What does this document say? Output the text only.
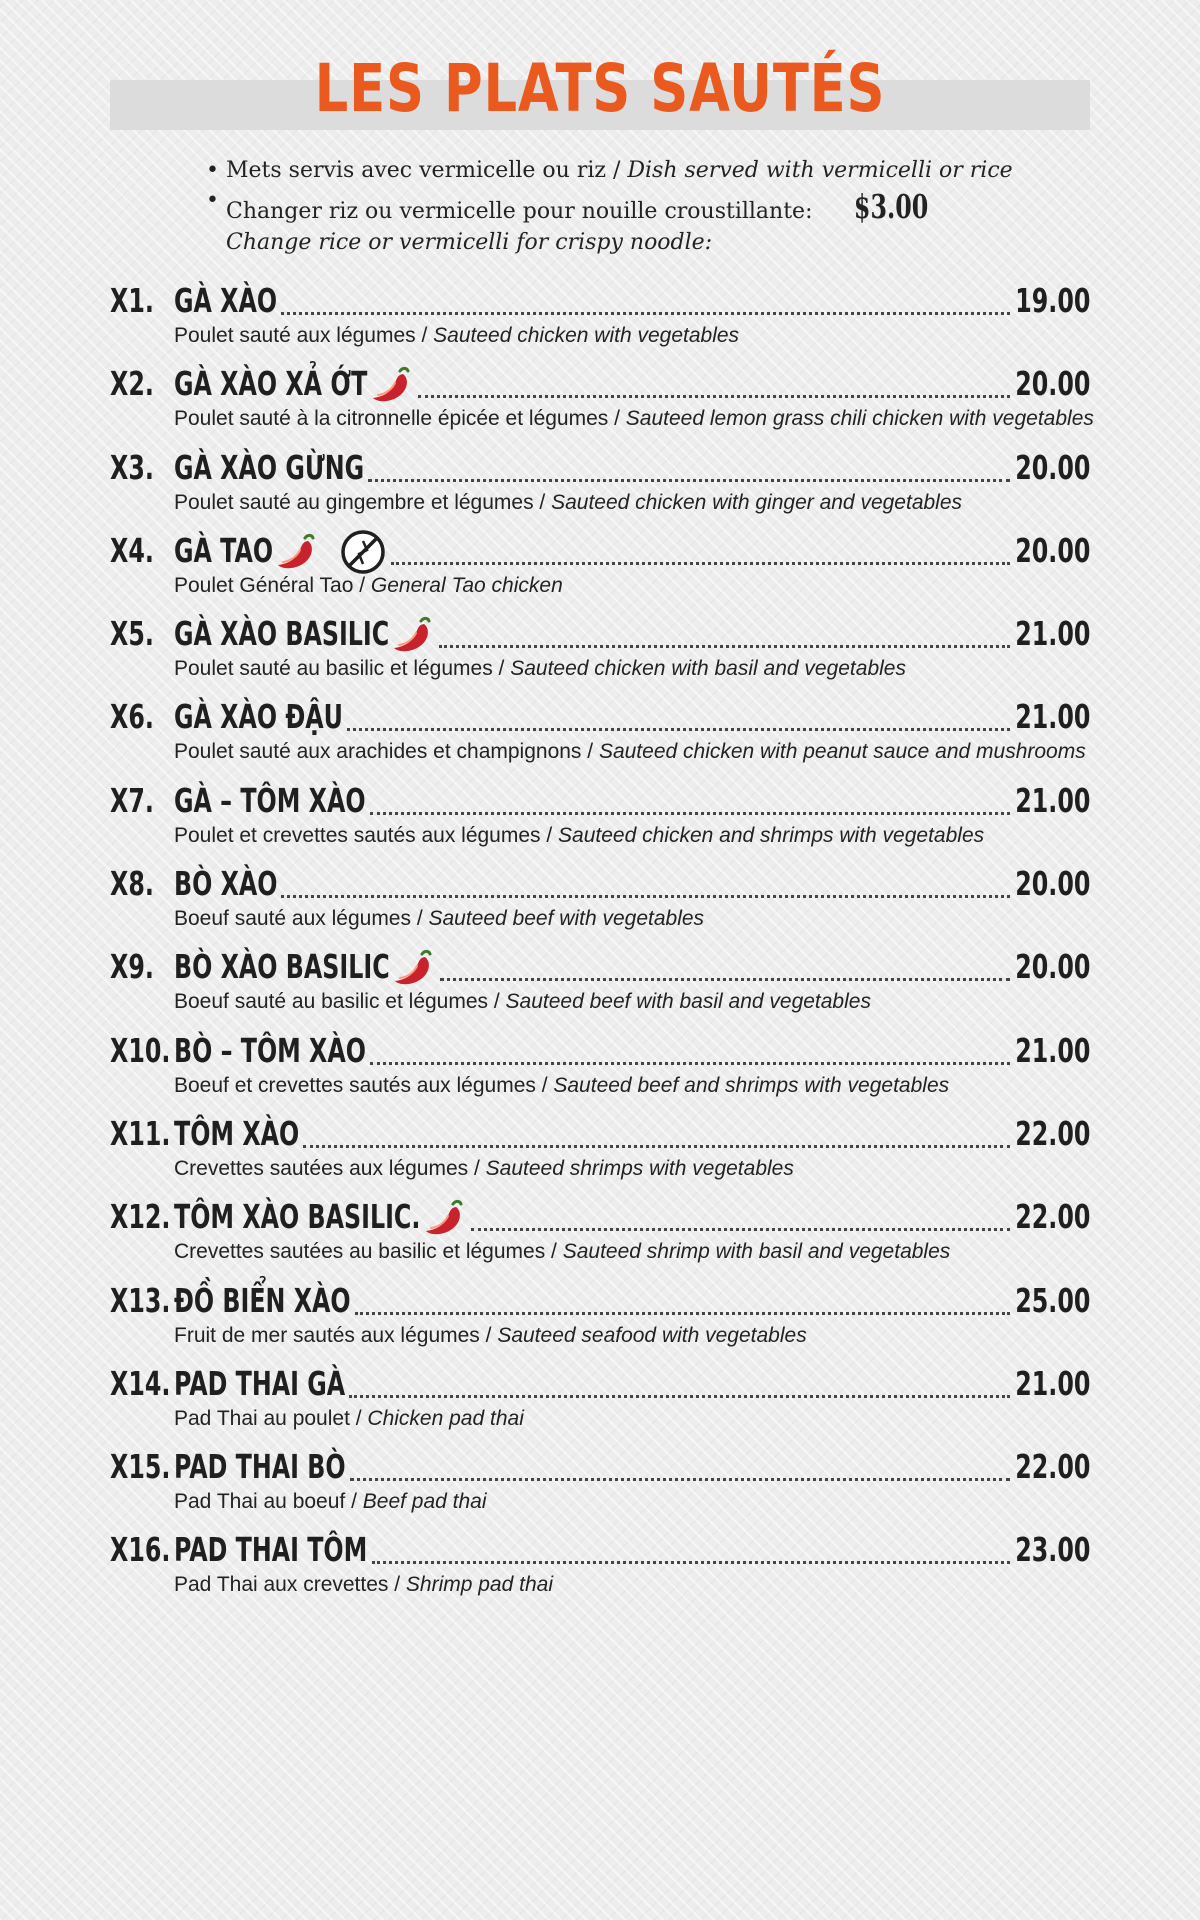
LES PLATS SAUTÉS
• Mets servis avec vermicelle ou riz / Dish served with vermicelli or rice
• Changer riz ou vermicelle pour nouille croustillante: $3.00
Change rice or vermicelli for crispy noodle:
X1. GÀ XÀO	19.00
Poulet sauté aux légumes / Sauteed chicken with vegetables
X2. GÀ XÀO XẢ ỚT	20.00
Poulet sauté à la citronnelle épicée et légumes / Sauteed lemon grass chili chicken with vegetables
X3. GÀ XÀO GỪNG	20.00
Poulet sauté au gingembre et légumes / Sauteed chicken with ginger and vegetables
X4. GÀ TAO	20.00
Poulet Général Tao / General Tao chicken
X5. GÀ XÀO BASILIC	21.00
Poulet sauté au basilic et légumes / Sauteed chicken with basil and vegetables
X6. GÀ XÀO ĐẬU	21.00
Poulet sauté aux arachides et champignons / Sauteed chicken with peanut sauce and mushrooms
X7. GÀ – TÔM XÀO	21.00
Poulet et crevettes sautés aux légumes / Sauteed chicken and shrimps with vegetables
X8. BÒ XÀO	20.00
Boeuf sauté aux légumes / Sauteed beef with vegetables
X9. BÒ XÀO BASILIC	20.00
Boeuf sauté au basilic et légumes / Sauteed beef with basil and vegetables
X10. BÒ – TÔM XÀO	21.00
Boeuf et crevettes sautés aux légumes / Sauteed beef and shrimps with vegetables
X11. TÔM XÀO	22.00
Crevettes sautées aux légumes / Sauteed shrimps with vegetables
X12. TÔM XÀO BASILIC.	22.00
Crevettes sautées au basilic et légumes / Sauteed shrimp with basil and vegetables
X13. ĐỒ BIỂN XÀO	25.00
Fruit de mer sautés aux légumes / Sauteed seafood with vegetables
X14. PAD THAI GÀ	21.00
Pad Thai au poulet / Chicken pad thai
X15. PAD THAI BÒ	22.00
Pad Thai au boeuf / Beef pad thai
X16. PAD THAI TÔM	23.00
Pad Thai aux crevettes / Shrimp pad thai
